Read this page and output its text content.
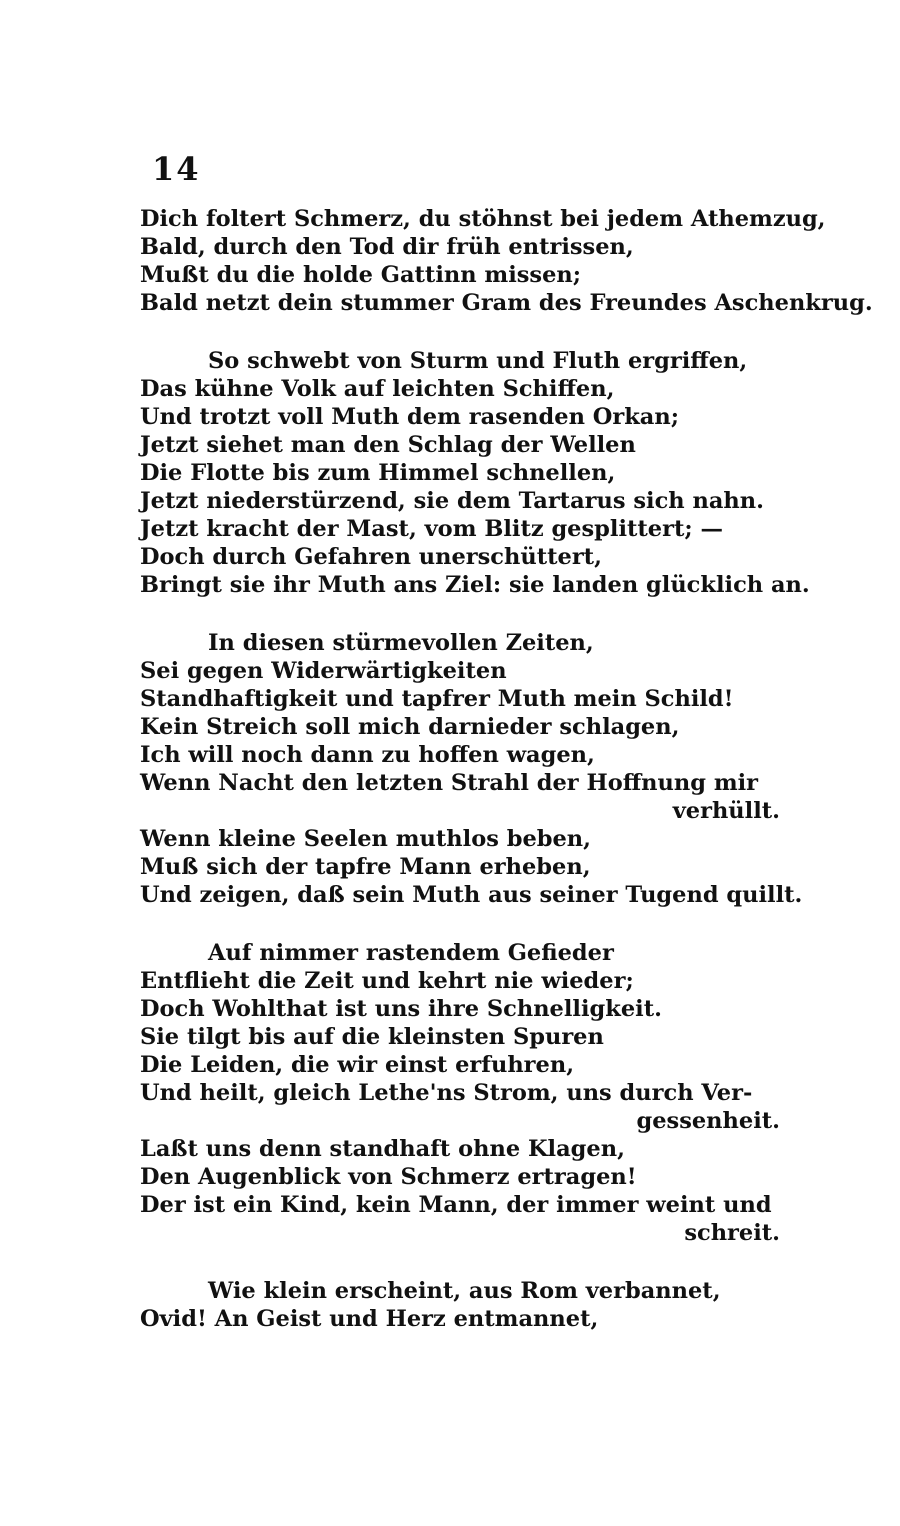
14
Dich foltert Schmerz, du stöhnst bei jedem Athemzug,
Bald, durch den Tod dir früh entrissen,
Mußt du die holde Gattinn missen;
Bald netzt dein stummer Gram des Freundes Aschenkrug.
So schwebt von Sturm und Fluth ergriffen,
Das kühne Volk auf leichten Schiffen,
Und trotzt voll Muth dem rasenden Orkan;
Jetzt siehet man den Schlag der Wellen
Die Flotte bis zum Himmel schnellen,
Jetzt niederstürzend, sie dem Tartarus sich nahn.
Jetzt kracht der Mast, vom Blitz gesplittert; —
Doch durch Gefahren unerschüttert,
Bringt sie ihr Muth ans Ziel: sie landen glücklich an.
In diesen stürmevollen Zeiten,
Sei gegen Widerwärtigkeiten
Standhaftigkeit und tapfrer Muth mein Schild!
Kein Streich soll mich darnieder schlagen,
Ich will noch dann zu hoffen wagen,
Wenn Nacht den letzten Strahl der Hoffnung mir
verhüllt.
Wenn kleine Seelen muthlos beben,
Muß sich der tapfre Mann erheben,
Und zeigen, daß sein Muth aus seiner Tugend quillt.
Auf nimmer rastendem Gefieder
Entflieht die Zeit und kehrt nie wieder;
Doch Wohlthat ist uns ihre Schnelligkeit.
Sie tilgt bis auf die kleinsten Spuren
Die Leiden, die wir einst erfuhren,
Und heilt, gleich Lethe'ns Strom, uns durch Ver-
gessenheit.
Laßt uns denn standhaft ohne Klagen,
Den Augenblick von Schmerz ertragen!
Der ist ein Kind, kein Mann, der immer weint und
schreit.
Wie klein erscheint, aus Rom verbannet,
Ovid! An Geist und Herz entmannet,
